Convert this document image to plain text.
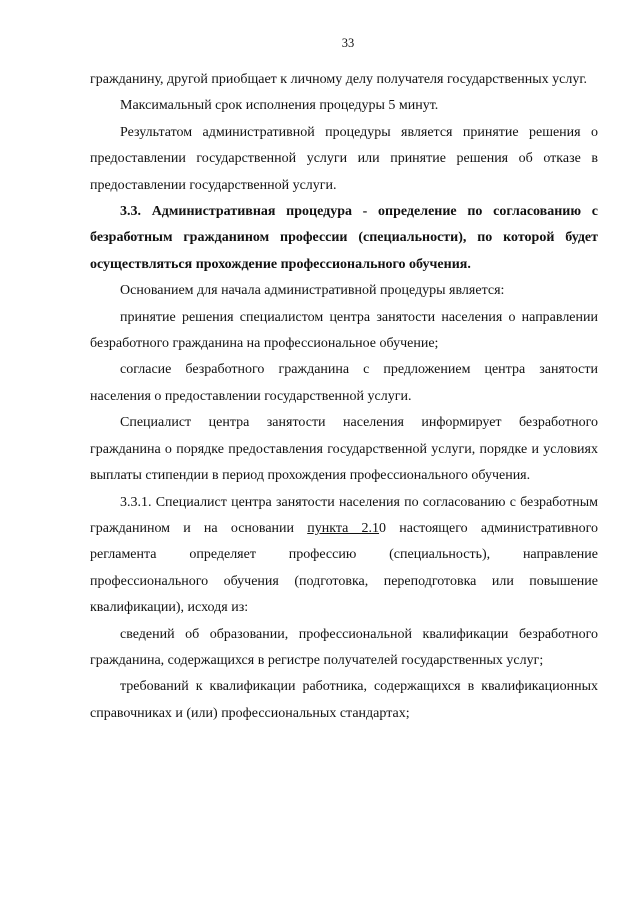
33

гражданину, другой приобщает к личному делу получателя государственных услуг.

Максимальный срок исполнения процедуры 5 минут.

Результатом административной процедуры является принятие решения о предоставлении государственной услуги или принятие решения об отказе в предоставлении государственной услуги.

3.3. Административная процедура - определение по согласованию с безработным гражданином профессии (специальности), по которой будет осуществляться прохождение профессионального обучения.

Основанием для начала административной процедуры является:

принятие решения специалистом центра занятости населения о направлении безработного гражданина на профессиональное обучение;

согласие безработного гражданина с предложением центра занятости населения о предоставлении государственной услуги.

Специалист центра занятости населения информирует безработного гражданина о порядке предоставления государственной услуги, порядке и условиях выплаты стипендии в период прохождения профессионального обучения.

3.3.1. Специалист центра занятости населения по согласованию с безработным гражданином и на основании пункта 2.10 настоящего административного регламента определяет профессию (специальность), направление профессионального обучения (подготовка, переподготовка или повышение квалификации), исходя из:

сведений об образовании, профессиональной квалификации безработного гражданина, содержащихся в регистре получателей государственных услуг;

требований к квалификации работника, содержащихся в квалификационных справочниках и (или) профессиональных стандартах;
